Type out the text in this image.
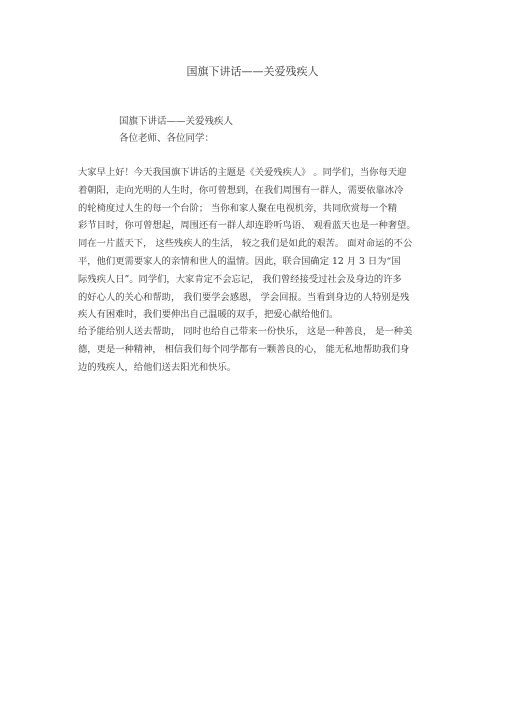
国旗下讲话——关爱残疾人
国旗下讲话——关爱残疾人
各位老师、各位同学：
大家早上好！今天我国旗下讲话的主题是《关爱残疾人》 。同学们，当你每天迎
着朝阳，走向光明的人生时，你可曾想到，在我们周围有一群人，需要依靠冰冷
的轮椅度过人生的每一个台阶； 当你和家人聚在电视机旁，共同欣赏每一个精
彩节目时，你可曾想起，周围还有一群人却连聆听鸟语、 观看蓝天也是一种奢望。
同在一片蓝天下， 这些残疾人的生活， 较之我们是如此的艰苦。 面对命运的不公
平，他们更需要家人的亲情和世人的温情。因此，联合国确定 12 月 3 日为“国
际残疾人日”。同学们，大家肯定不会忘记， 我们曾经接受过社会及身边的许多
的好心人的关心和帮助， 我们要学会感恩， 学会回报。当看到身边的人特别是残
疾人有困难时，我们要伸出自己温暖的双手，把爱心献给他们。
给予能给别人送去帮助， 同时也给自己带来一份快乐， 这是一种善良， 是一种美
德，更是一种精神， 相信我们每个同学都有一颗善良的心， 能无私地帮助我们身
边的残疾人，给他们送去阳光和快乐。
